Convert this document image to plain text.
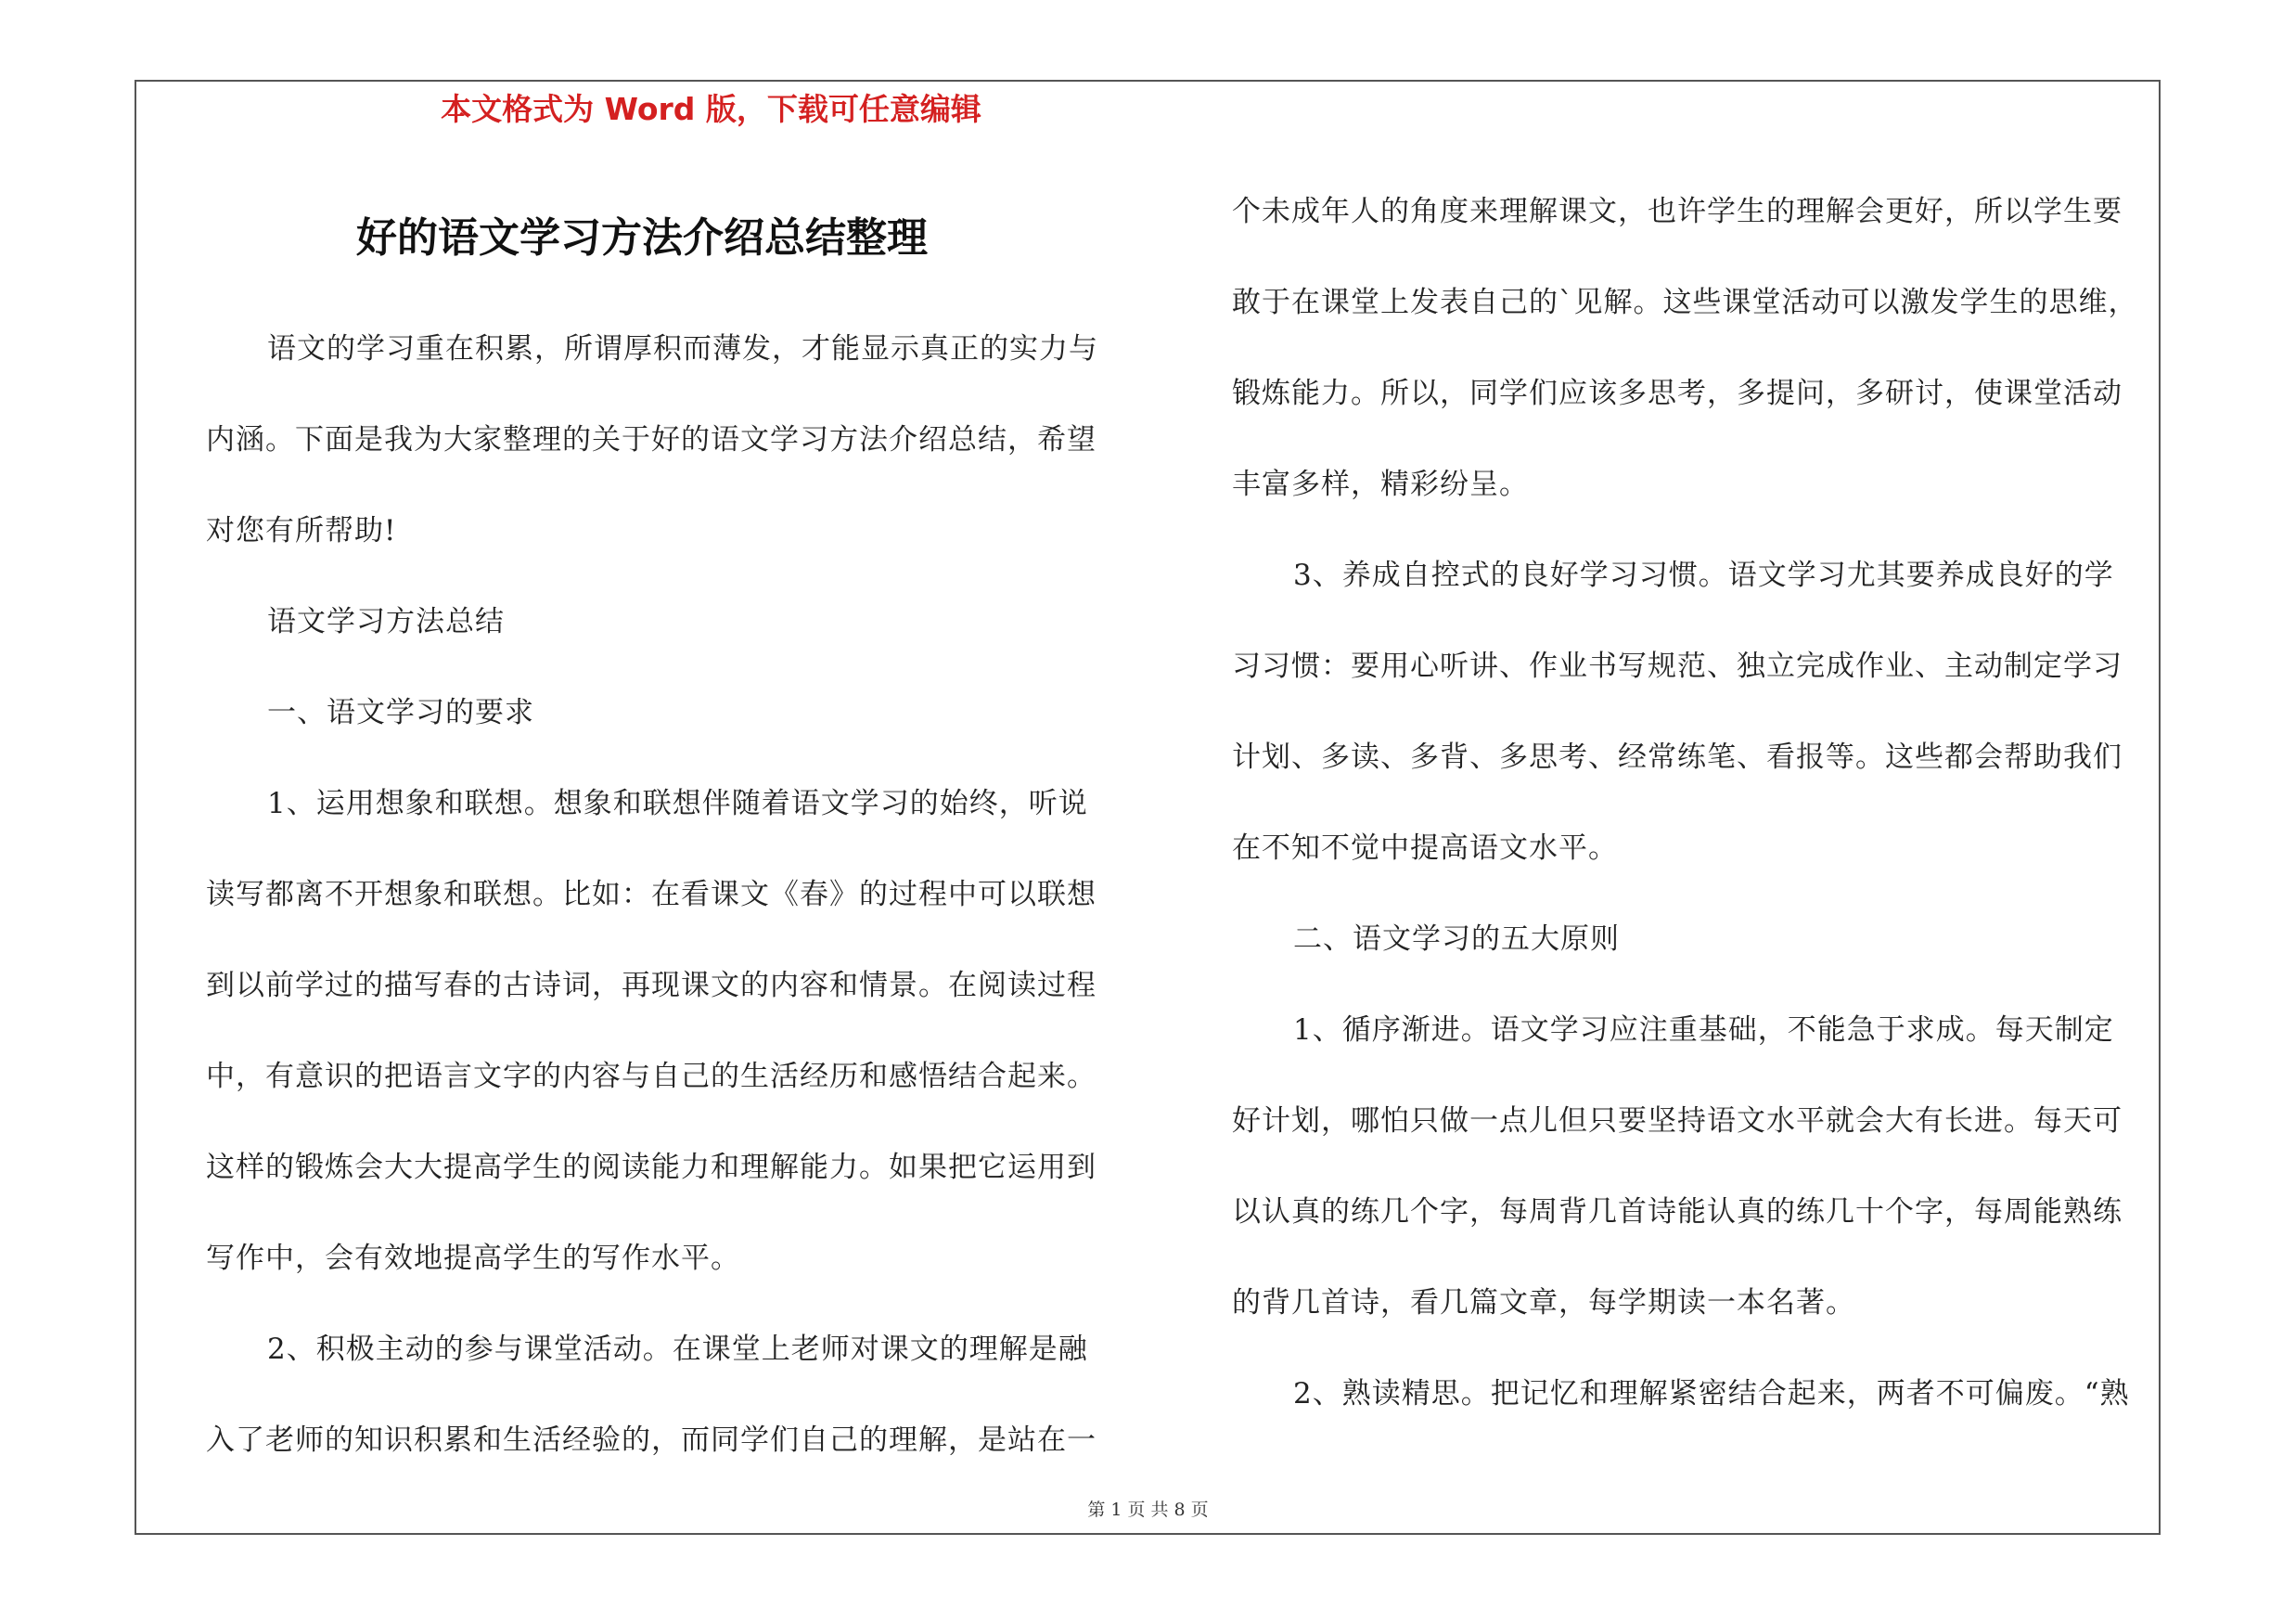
本文格式为 Word 版，下载可任意编辑
好的语文学习方法介绍总结整理
语文的学习重在积累，所谓厚积而薄发，才能显示真正的实力与
内涵。下面是我为大家整理的关于好的语文学习方法介绍总结，希望
对您有所帮助!
语文学习方法总结
一、语文学习的要求
1、运用想象和联想。想象和联想伴随着语文学习的始终，听说
读写都离不开想象和联想。比如：在看课文《春》的过程中可以联想
到以前学过的描写春的古诗词，再现课文的内容和情景。在阅读过程
中，有意识的把语言文字的内容与自己的生活经历和感悟结合起来。
这样的锻炼会大大提高学生的阅读能力和理解能力。如果把它运用到
写作中，会有效地提高学生的写作水平。
2、积极主动的参与课堂活动。在课堂上老师对课文的理解是融
入了老师的知识积累和生活经验的，而同学们自己的理解，是站在一
个未成年人的角度来理解课文，也许学生的理解会更好，所以学生要
敢于在课堂上发表自己的`见解。这些课堂活动可以激发学生的思维，
锻炼能力。所以，同学们应该多思考，多提问，多研讨，使课堂活动
丰富多样，精彩纷呈。
3、养成自控式的良好学习习惯。语文学习尤其要养成良好的学
习习惯：要用心听讲、作业书写规范、独立完成作业、主动制定学习
计划、多读、多背、多思考、经常练笔、看报等。这些都会帮助我们
在不知不觉中提高语文水平。
二、语文学习的五大原则
1、循序渐进。语文学习应注重基础，不能急于求成。每天制定
好计划，哪怕只做一点儿但只要坚持语文水平就会大有长进。每天可
以认真的练几个字，每周背几首诗能认真的练几十个字，每周能熟练
的背几首诗，看几篇文章，每学期读一本名著。
2、熟读精思。把记忆和理解紧密结合起来，两者不可偏废。“熟
第 1 页 共 8 页
